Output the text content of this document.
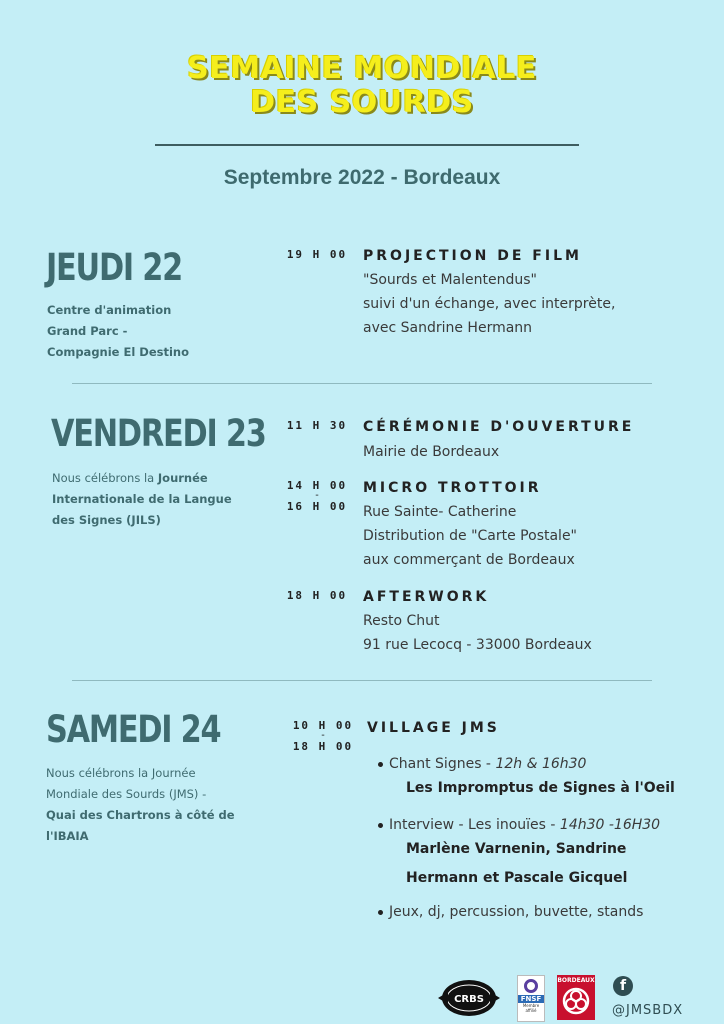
SEMAINE MONDIALE
DES SOURDS
Septembre 2022 - Bordeaux
JEUDI 22
Centre d'animation
Grand Parc -
Compagnie El Destino
19 H 00 PROJECTION DE FILM
"Sourds et Malentendus"
suivi d'un échange, avec interprète,
avec Sandrine Hermann
VENDREDI 23
Nous célébrons la Journée
Internationale de la Langue
des Signes (JILS)
11 H 30 CÉRÉMONIE D'OUVERTURE
Mairie de Bordeaux
14 H 00
-
16 H 00
MICRO TROTTOIR
Rue Sainte- Catherine
Distribution de "Carte Postale"
aux commerçant de Bordeaux
18 H 00 AFTERWORK
Resto Chut
91 rue Lecocq - 33000 Bordeaux
SAMEDI 24
Nous célébrons la Journée
Mondiale des Sourds (JMS) -
Quai des Chartrons à côté de
l'IBAIA
10 H 00
-
18 H 00
VILLAGE JMS
Chant Signes - 12h & 16h30
Les Impromptus de Signes à l'Oeil
Interview - Les inouïes - 14h30 -16H30
Marlène Varnenin, Sandrine
Hermann et Pascale Gicquel
Jeux, dj, percussion, buvette, stands
CRBS	FNSF
Membre affilié
BORDEAUX	f
@JMSBDX
